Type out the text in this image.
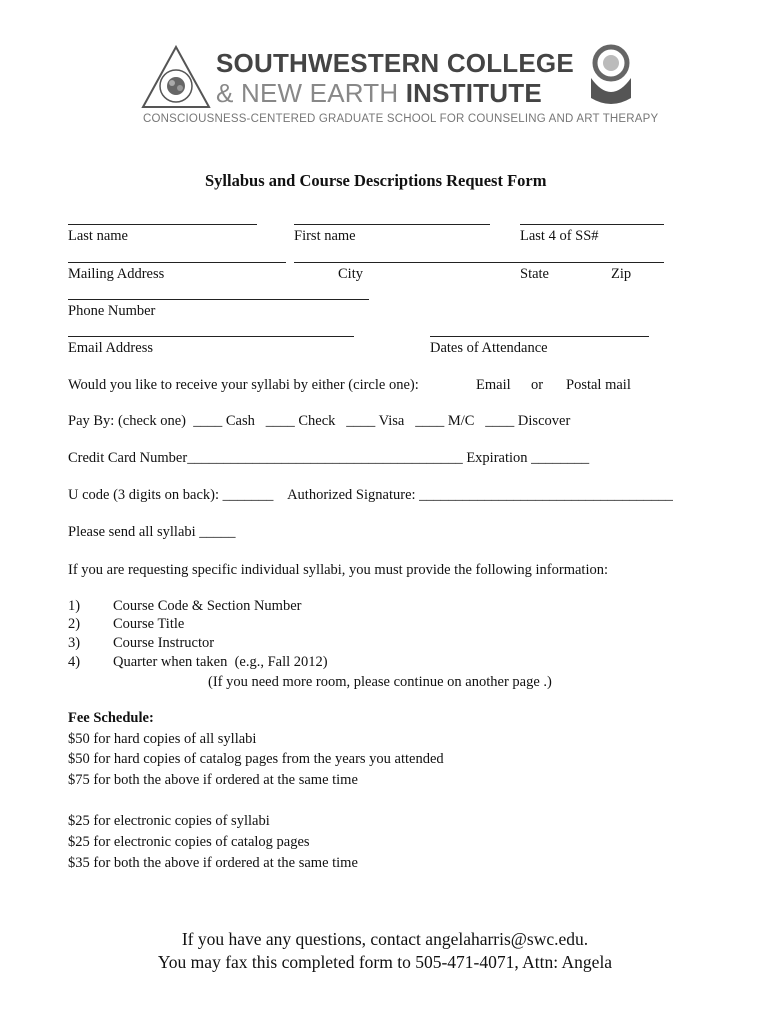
SOUTHWESTERN COLLEGE
& NEW EARTH INSTITUTE
CONSCIOUSNESS-CENTERED GRADUATE SCHOOL FOR COUNSELING AND ART THERAPY
Syllabus and Course Descriptions Request Form
Last name	First name	Last 4 of SS#
Mailing Address	City	State	Zip
Phone Number
Email Address	Dates of Attendance
Would you like to receive your syllabi by either (circle one):	Email or Postal mail
Pay By: (check one)  ____ Cash   ____ Check   ____ Visa   ____ M/C   ____ Discover
Credit Card Number______________________________________ Expiration ________
U code (3 digits on back): _______    Authorized Signature: ___________________________________
Please send all syllabi _____
If you are requesting specific individual syllabi, you must provide the following information:
1) Course Code & Section Number
2) Course Title
3) Course Instructor
4) Quarter when taken  (e.g., Fall 2012)
(If you need more room, please continue on another page .)
Fee Schedule:
$50 for hard copies of all syllabi
$50 for hard copies of catalog pages from the years you attended
$75 for both the above if ordered at the same time
$25 for electronic copies of syllabi
$25 for electronic copies of catalog pages
$35 for both the above if ordered at the same time
If you have any questions, contact angelaharris@swc.edu.
You may fax this completed form to 505-471-4071, Attn: Angela
